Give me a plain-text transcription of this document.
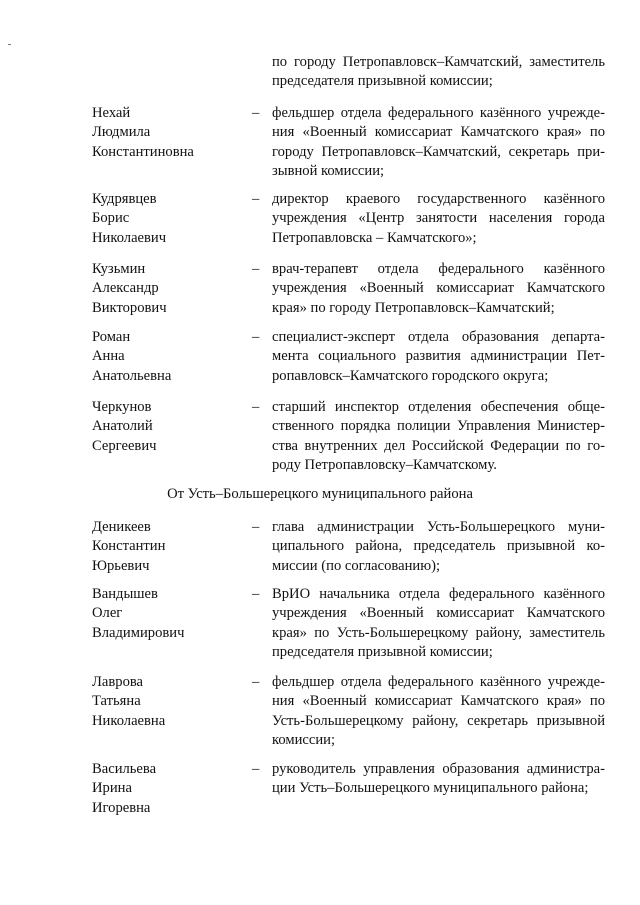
по городу Петропавловск–Камчатский, заместитель
председателя призывной комиссии;
Нехай
Людмила
Константиновна
– фельдшер отдела федерального казённого учрежде-
ния «Военный комиссариат Камчатского края» по
городу Петропавловск–Камчатский, секретарь при-
зывной комиссии;
Кудрявцев
Борис
Николаевич
– директор краевого государственного казённого
учреждения «Центр занятости населения города
Петропавловска – Камчатского»;
Кузьмин
Александр
Викторович
– врач-терапевт отдела федерального казённого
учреждения «Военный комиссариат Камчатского
края» по городу Петропавловск–Камчатский;
Роман
Анна
Анатольевна
– специалист-эксперт отдела образования департа-
мента социального развития администрации Пет-
ропавловск–Камчатского городского округа;
Черкунов
Анатолий
Сергеевич
– старший инспектор отделения обеспечения обще-
ственного порядка полиции Управления Министер-
ства внутренних дел Российской Федерации по го-
роду Петропавловску–Камчатскому.
От Усть–Большерецкого муниципального района
Деникеев
Константин
Юрьевич
– глава администрации Усть-Большерецкого муни-
ципального района, председатель призывной ко-
миссии (по согласованию);
Вандышев
Олег
Владимирович
– ВрИО начальника отдела федерального казённого
учреждения «Военный комиссариат Камчатского
края» по Усть-Большерецкому району, заместитель
председателя призывной комиссии;
Лаврова
Татьяна
Николаевна
– фельдшер отдела федерального казённого учрежде-
ния «Военный комиссариат Камчатского края» по
Усть-Большерецкому району, секретарь призывной
комиссии;
Васильева
Ирина
Игоревна
– руководитель управления образования администра-
ции Усть–Большерецкого муниципального района;
